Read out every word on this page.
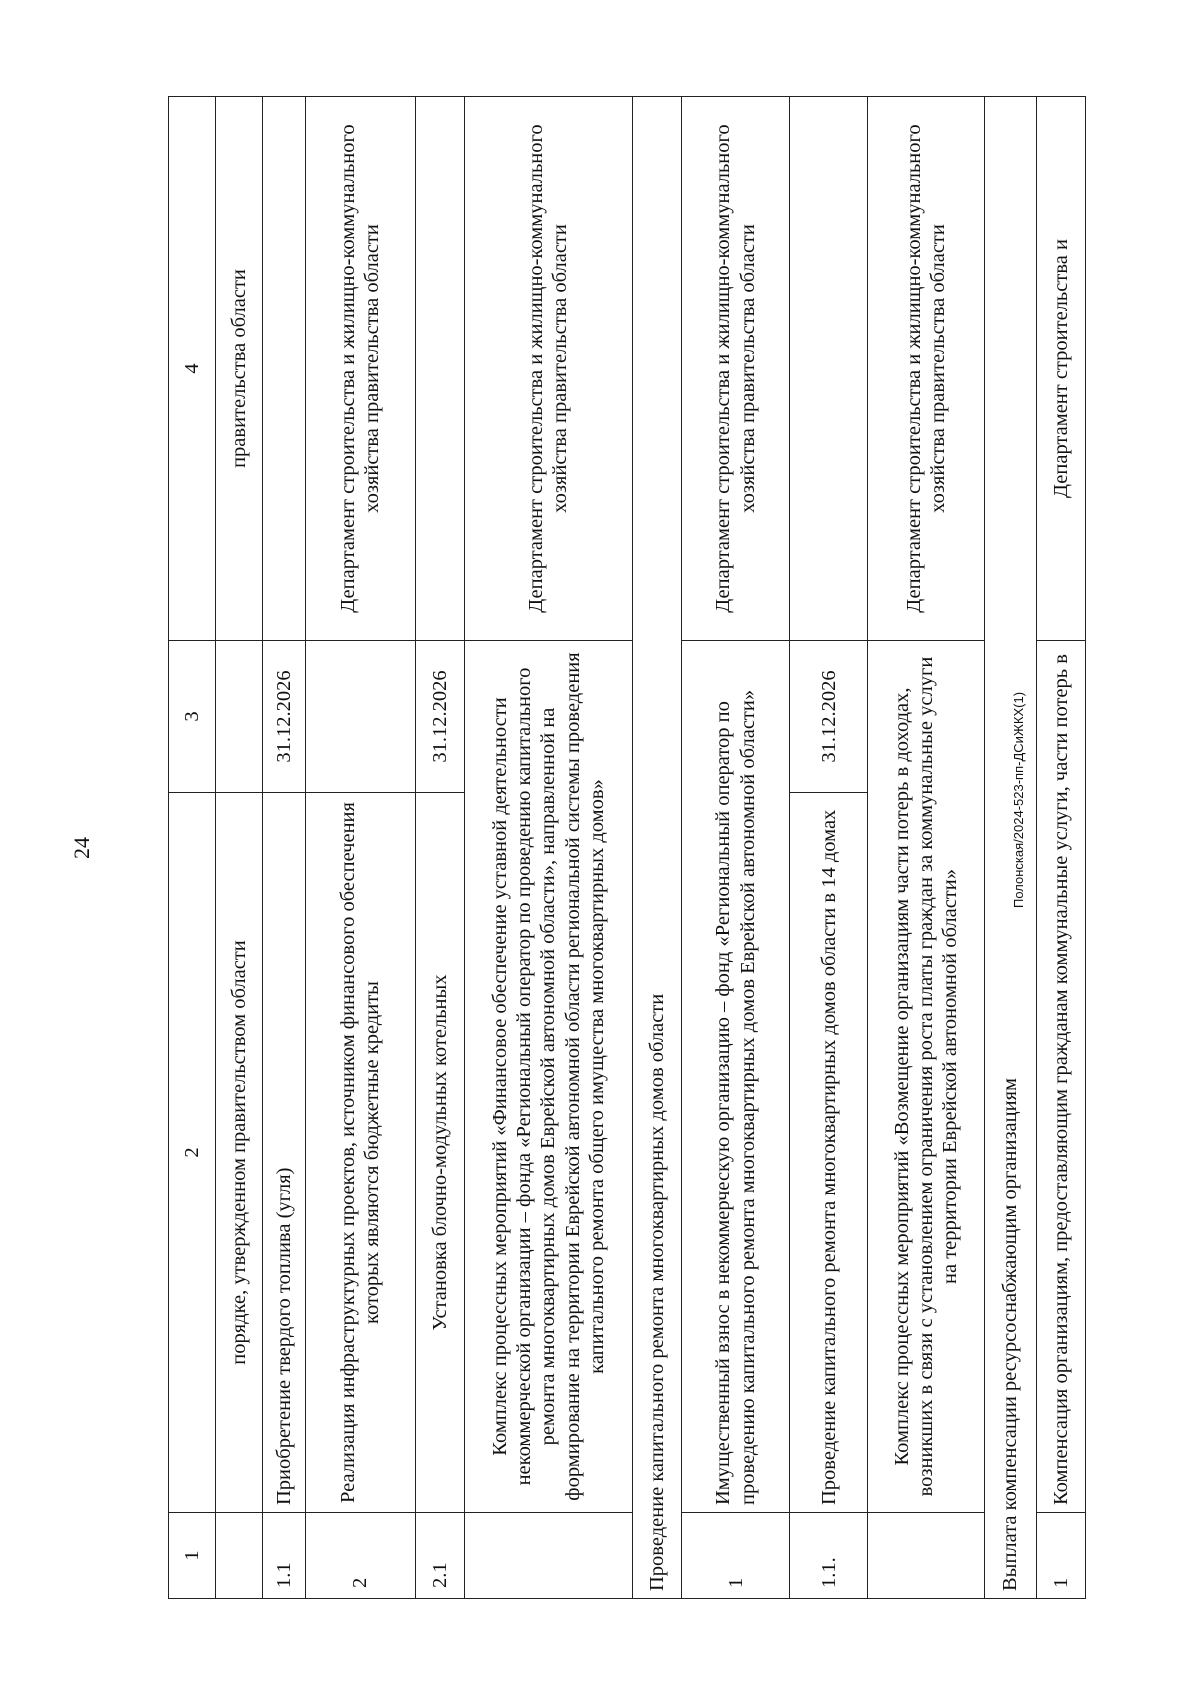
24
1	2	3	4
	порядке, утвержденном правительством области		правительства области
1.1	Приобретение твердого топлива (угля)	31.12.2026	
2	Реализация инфраструктурных проектов, источником финансового обеспечения которых являются бюджетные кредиты		Департамент строительства и жилищно-коммунального хозяйства правительства области
2.1	Установка блочно-модульных котельных	31.12.2026	
	Комплекс процессных мероприятий «Финансовое обеспечение уставной деятельности некоммерческой организации – фонда «Региональный оператор по проведению капитального ремонта многоквартирных домов Еврейской автономной области», направленной на формирование на территории Еврейской автономной области региональной системы проведения капитального ремонта общего имущества многоквартирных домов»		Департамент строительства и жилищно-коммунального хозяйства правительства области
Проведение капитального ремонта многоквартирных домов области			
1	Имущественный взнос в некоммерческую организацию – фонд «Региональный оператор по проведению капитального ремонта многоквартирных домов Еврейской автономной области»		Департамент строительства и жилищно-коммунального хозяйства правительства области
1.1.	Проведение капитального ремонта многоквартирных домов области в 14 домах	31.12.2026	
	Комплекс процессных мероприятий «Возмещение организациям части потерь в доходах, возникших в связи с установлением ограничения роста платы граждан за коммунальные услуги на территории Еврейской автономной области»		Департамент строительства и жилищно-коммунального хозяйства правительства области
Выплата компенсации ресурсоснабжающим организациям			
1	Компенсация организациям, предоставляющим гражданам коммунальные услуги, части потерь в		Департамент строительства и
Полонская/2024-523-пп-ДСиЖКХ(1)
